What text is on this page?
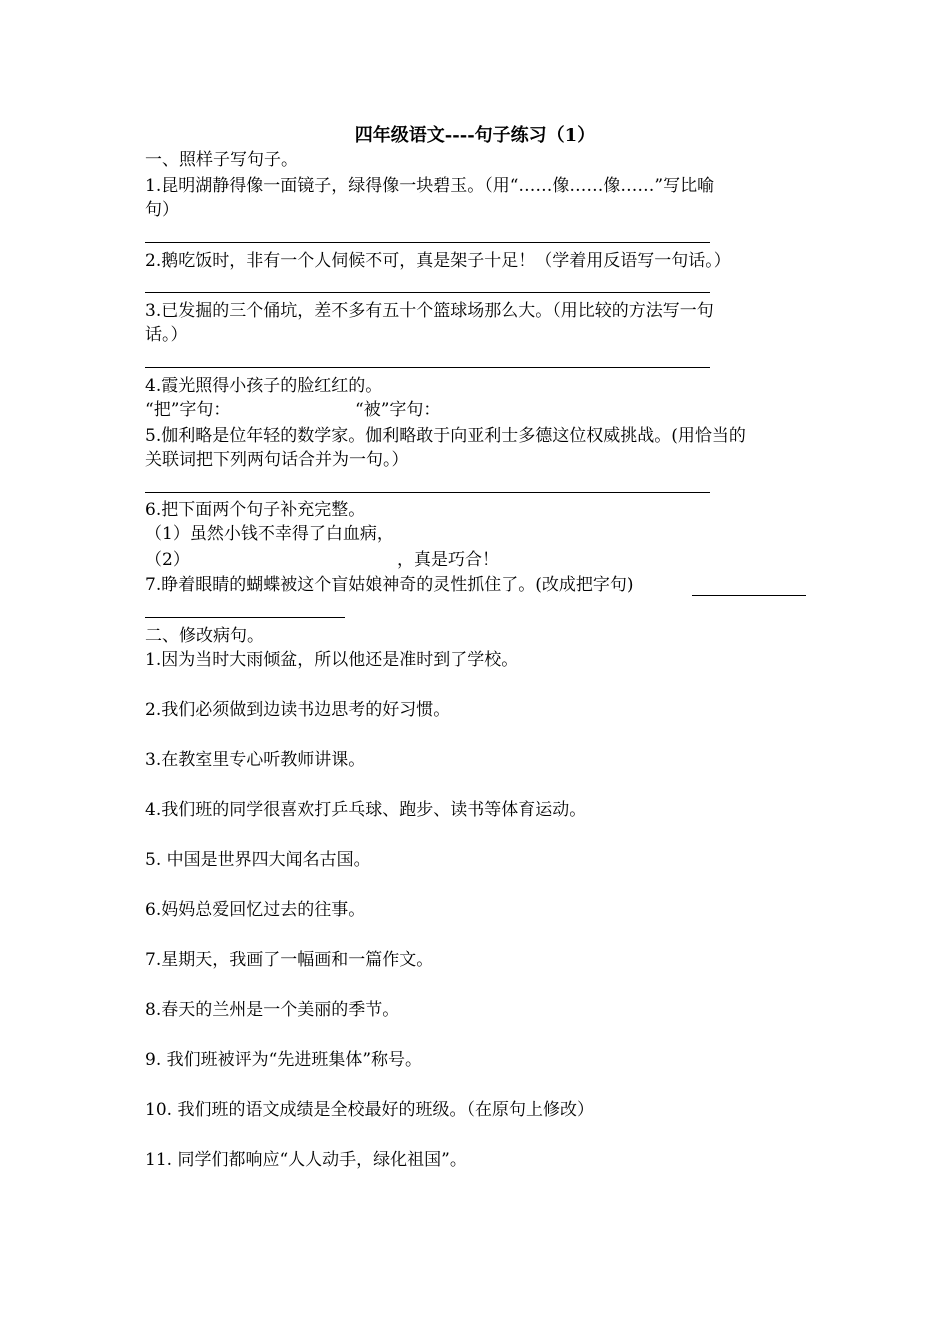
四年级语文----句子练习（1）
一、照样子写句子。
1.昆明湖静得像一面镜子，绿得像一块碧玉。（用“……像……像……”写比喻
句）
2.鹅吃饭时，非有一个人伺候不可，真是架子十足！（学着用反语写一句话。）
3.已发掘的三个俑坑，差不多有五十个篮球场那么大。（用比较的方法写一句
话。）
4.霞光照得小孩子的脸红红的。
“把”字句：	“被”字句：
5.伽利略是位年轻的数学家。伽利略敢于向亚利士多德这位权威挑战。(用恰当的
关联词把下列两句话合并为一句。）
6.把下面两个句子补充完整。
（1）虽然小钱不幸得了白血病，
（2）	，真是巧合！
7.睁着眼睛的蝴蝶被这个盲姑娘神奇的灵性抓住了。(改成把字句)
二、修改病句。
1.因为当时大雨倾盆，所以他还是准时到了学校。
2.我们必须做到边读书边思考的好习惯。
3.在教室里专心听教师讲课。
4.我们班的同学很喜欢打乒乓球、跑步、读书等体育运动。
5. 中国是世界四大闻名古国。
6.妈妈总爱回忆过去的往事。
7.星期天，我画了一幅画和一篇作文。
8.春天的兰州是一个美丽的季节。
9. 我们班被评为“先进班集体”称号。
10. 我们班的语文成绩是全校最好的班级。（在原句上修改）
11. 同学们都响应“人人动手，绿化祖国”。
